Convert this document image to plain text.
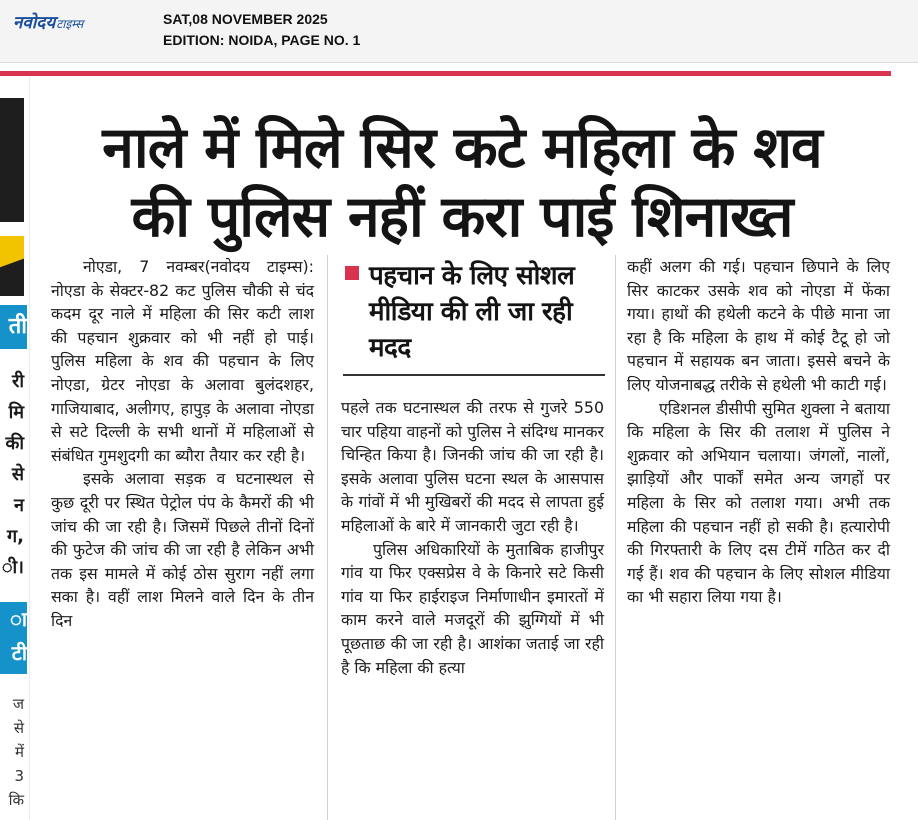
नवोदय टाइम्स	SAT,08 NOVEMBER 2025
EDITION: NOIDA, PAGE NO. 1
ती
री
मि
की
से
न
ग,
ी।
ा
टी
ज
से
में
3
कि
नाले में मिले सिर कटे महिला के शव
की पुलिस नहीं करा पाई शिनाख्त

नोएडा, 7 नवम्बर(नवोदय टाइम्स): नोएडा के सेक्टर-82 कट पुलिस चौकी से चंद कदम दूर नाले में महिला की सिर कटी लाश की पहचान शुक्रवार को भी नहीं हो पाई। पुलिस महिला के शव की पहचान के लिए नोएडा, ग्रेटर नोएडा के अलावा बुलंदशहर, गाजियाबाद, अलीगए, हापुड़ के अलावा नोएडा से सटे दिल्ली के सभी थानों में महिलाओं से संबंधित गुमशुदगी का ब्यौरा तैयार कर रही है।

इसके अलावा सड़क व घटनास्थल से कुछ दूरी पर स्थित पेट्रोल पंप के कैमरों की भी जांच की जा रही है। जिसमें पिछले तीनों दिनों की फुटेज की जांच की जा रही है लेकिन अभी तक इस मामले में कोई ठोस सुराग नहीं लगा सका है। वहीं लाश मिलने वाले दिन के तीन दिन

पहचान के लिए सोशल मीडिया की ली जा रही मदद

पहले तक घटनास्थल की तरफ से गुजरे 550 चार पहिया वाहनों को पुलिस ने संदिग्ध मानकर चिन्हित किया है। जिनकी जांच की जा रही है। इसके अलावा पुलिस घटना स्थल के आसपास के गांवों में भी मुखिबरों की मदद से लापता हुई महिलाओं के बारे में जानकारी जुटा रही है।

पुलिस अधिकारियों के मुताबिक हाजीपुर गांव या फिर एक्सप्रेस वे के किनारे सटे किसी गांव या फिर हाईराइज निर्माणाधीन इमारतों में काम करने वाले मजदूरों की झुग्गियों में भी पूछताछ की जा रही है। आशंका जताई जा रही है कि महिला की हत्या

कहीं अलग की गई। पहचान छिपाने के लिए सिर काटकर उसके शव को नोएडा में फेंका गया। हाथों की हथेली कटने के पीछे माना जा रहा है कि महिला के हाथ में कोई टैटू हो जो पहचान में सहायक बन जाता। इससे बचने के लिए योजनाबद्ध तरीके से हथेली भी काटी गई।

एडिशनल डीसीपी सुमित शुक्ला ने बताया कि महिला के सिर की तलाश में पुलिस ने शुक्रवार को अभियान चलाया। जंगलों, नालों, झाड़ियों और पार्कों समेत अन्य जगहों पर महिला के सिर को तलाश गया। अभी तक महिला की पहचान नहीं हो सकी है। हत्यारोपी की गिरफ्तारी के लिए दस टीमें गठित कर दी गई हैं। शव की पहचान के लिए सोशल मीडिया का भी सहारा लिया गया है।
